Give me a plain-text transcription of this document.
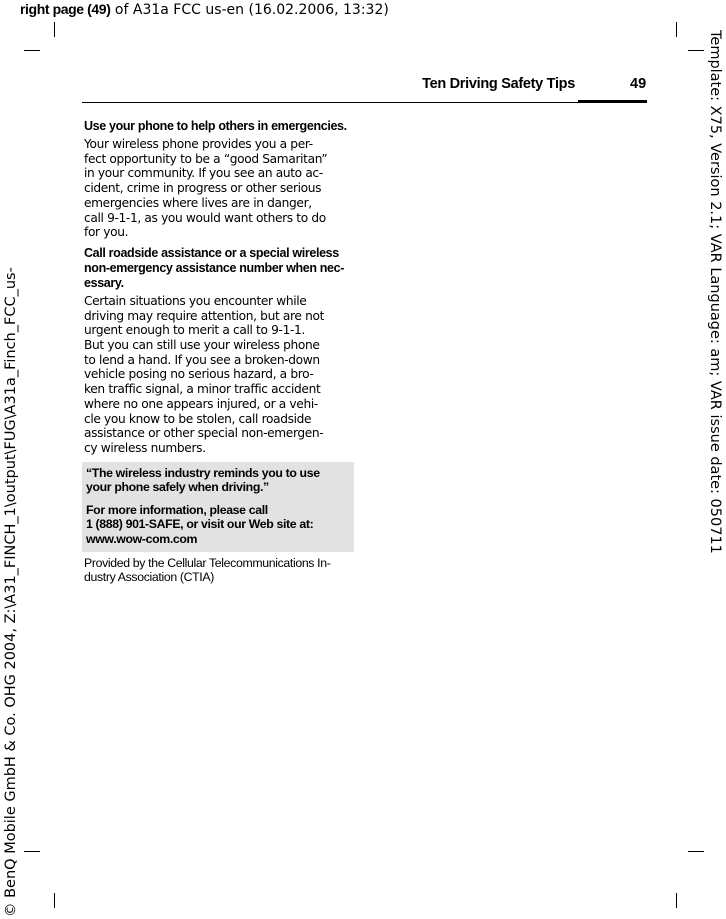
right page (49) of A31a FCC us-en (16.02.2006, 13:32)
© BenQ Mobile GmbH & Co. OHG 2004, Z:\A31_FINCH_1\output\FUG\A31a_Finch_FCC_us-	Template: X75, Version 2.1; VAR Language: am; VAR issue date: 050711
Ten Driving Safety Tips	49

Use your phone to help others in emergencies.

Your wireless phone provides you a per-
fect opportunity to be a “good Samaritan”
in your community. If you see an auto ac-
cident, crime in progress or other serious
emergencies where lives are in danger,
call 9-1-1, as you would want others to do
for you.

Call roadside assistance or a special wireless
non-emergency assistance number when nec-
essary.

Certain situations you encounter while
driving may require attention, but are not
urgent enough to merit a call to 9-1-1.
But you can still use your wireless phone
to lend a hand. If you see a broken-down
vehicle posing no serious hazard, a bro-
ken traffic signal, a minor traffic accident
where no one appears injured, or a vehi-
cle you know to be stolen, call roadside
assistance or other special non-emergen-
cy wireless numbers.

“The wireless industry reminds you to use
your phone safely when driving.”

For more information, please call
1 (888) 901-SAFE, or visit our Web site at:
www.wow-com.com

Provided by the Cellular Telecommunications In-
dustry Association (CTIA)
